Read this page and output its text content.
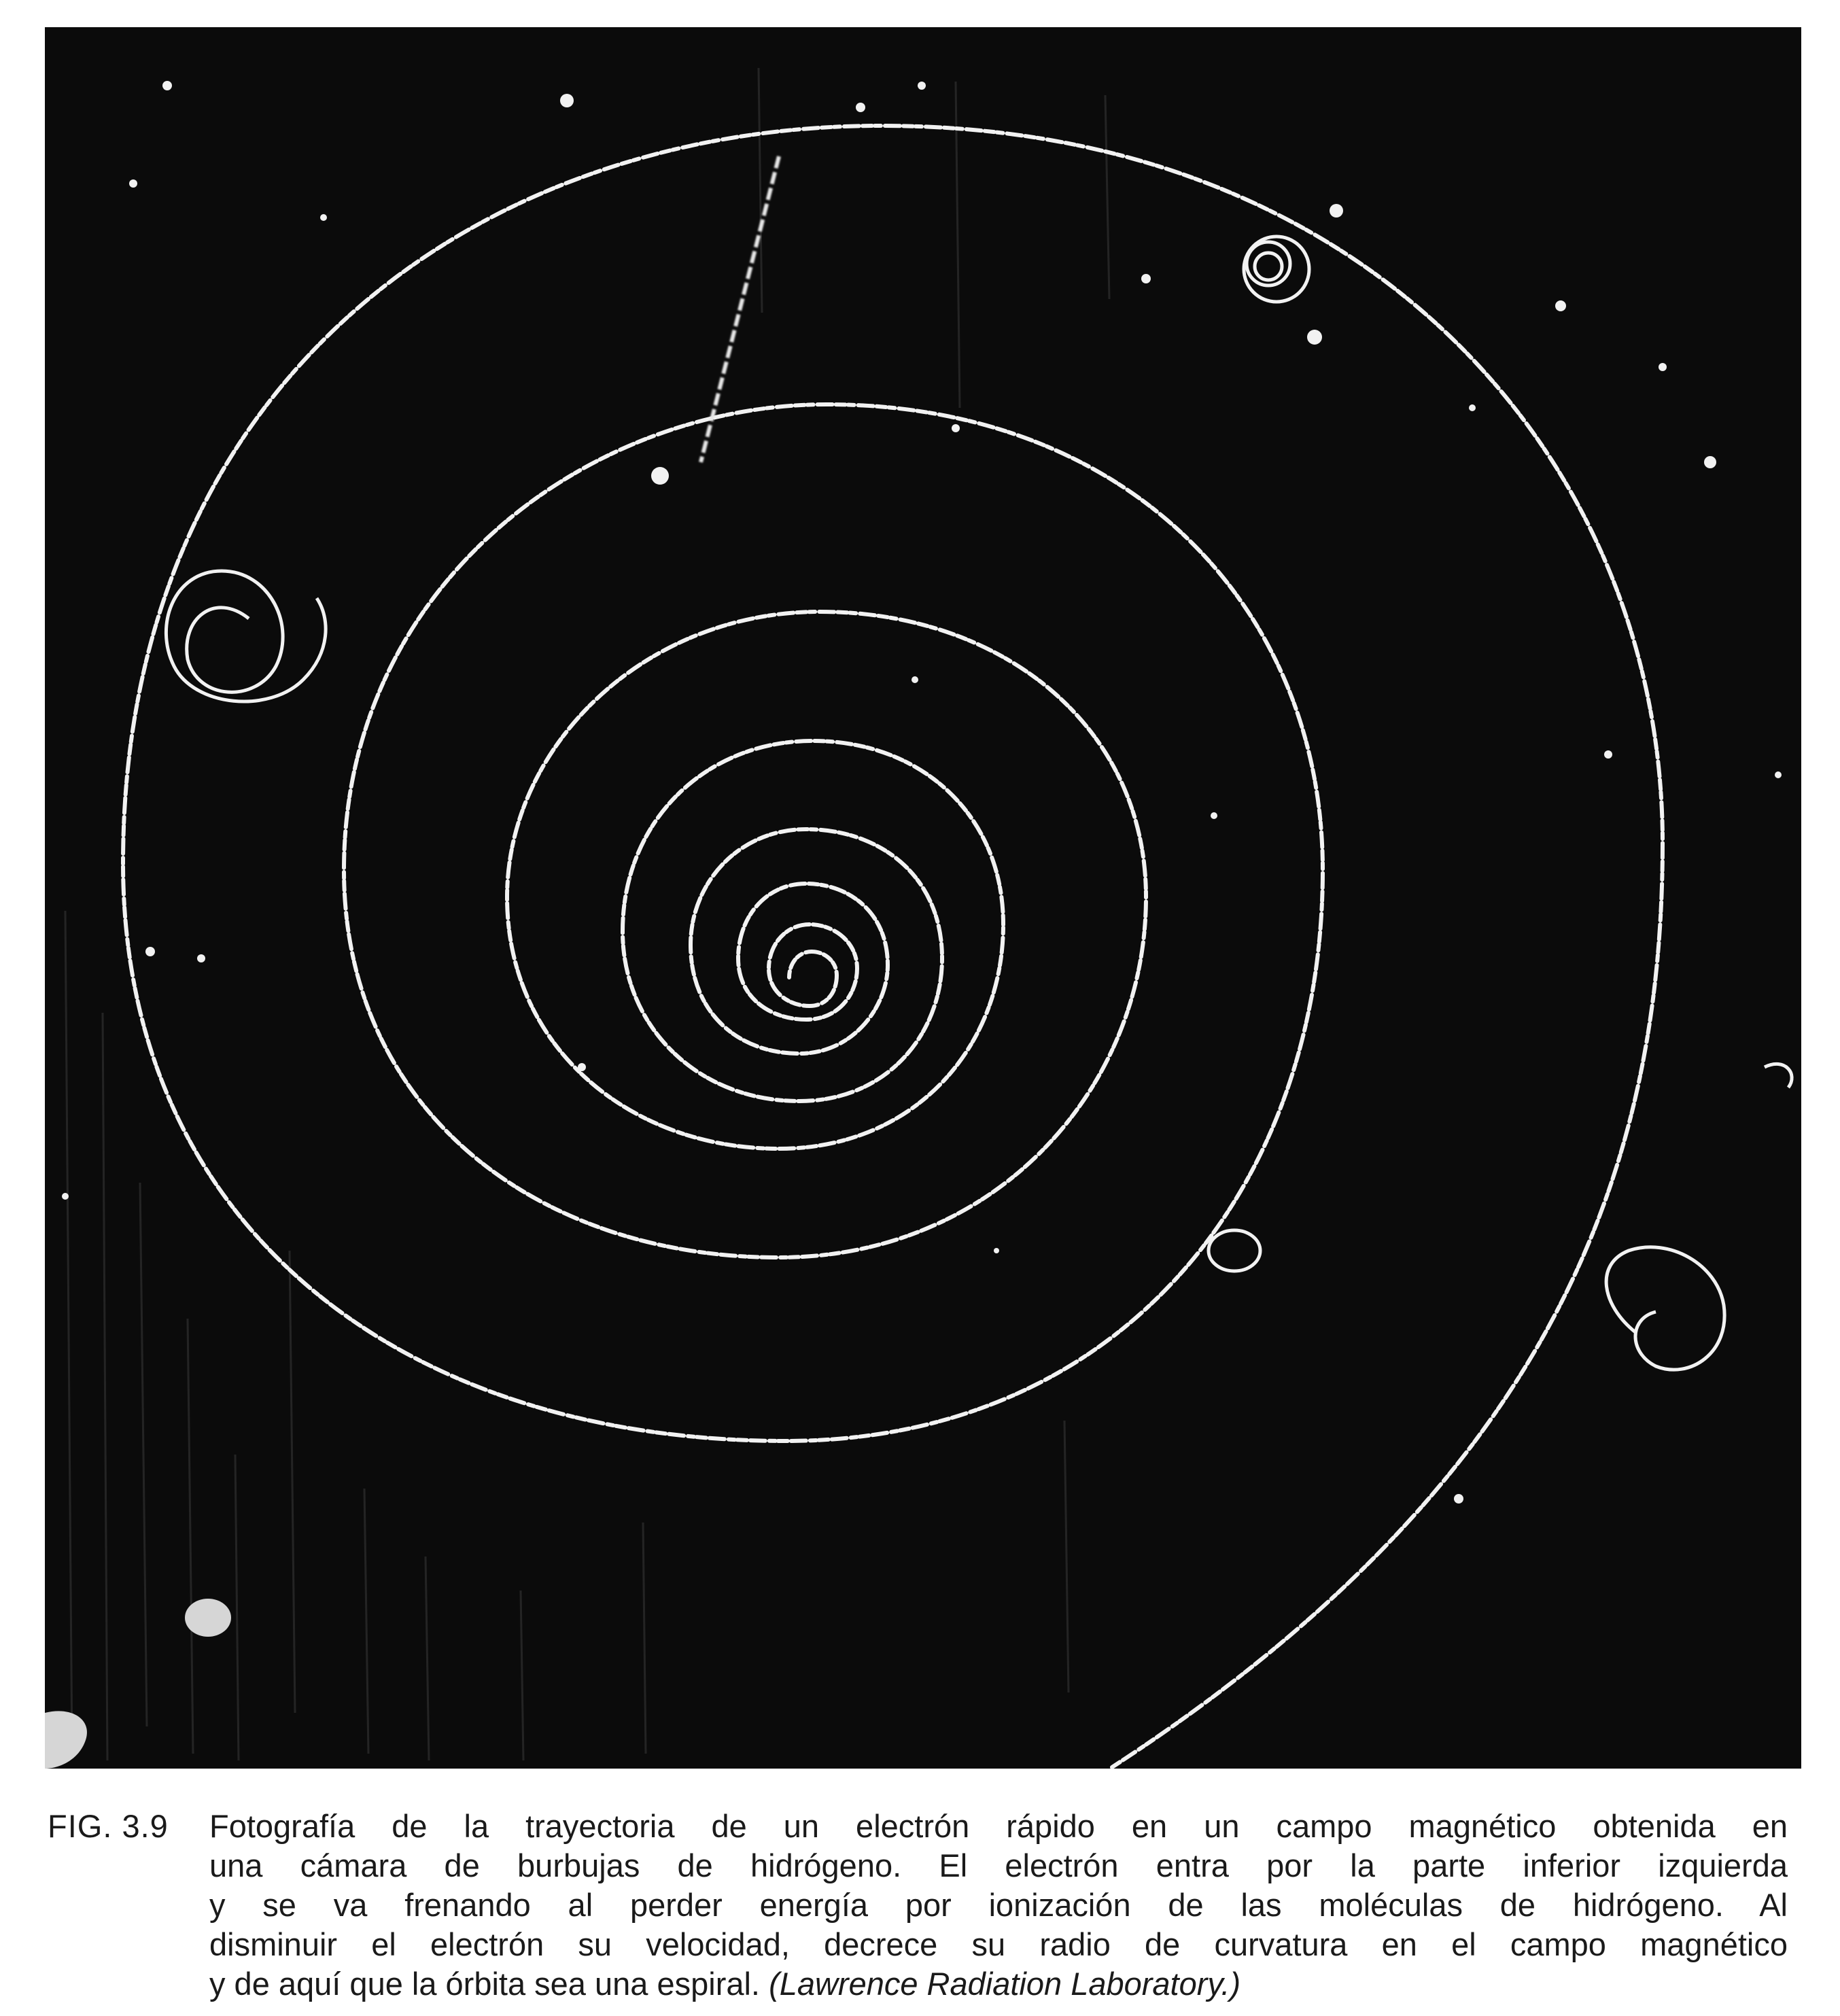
FIG. 3.9	Fotografía de la trayectoria de un electrón rápido en un campo magnético obtenida en
una cámara de burbujas de hidrógeno. El electrón entra por la parte inferior izquierda
y se va frenando al perder energía por ionización de las moléculas de hidrógeno. Al
disminuir el electrón su velocidad, decrece su radio de curvatura en el campo magnético
y de aquí que la órbita sea una espiral. (Lawrence Radiation Laboratory.)
